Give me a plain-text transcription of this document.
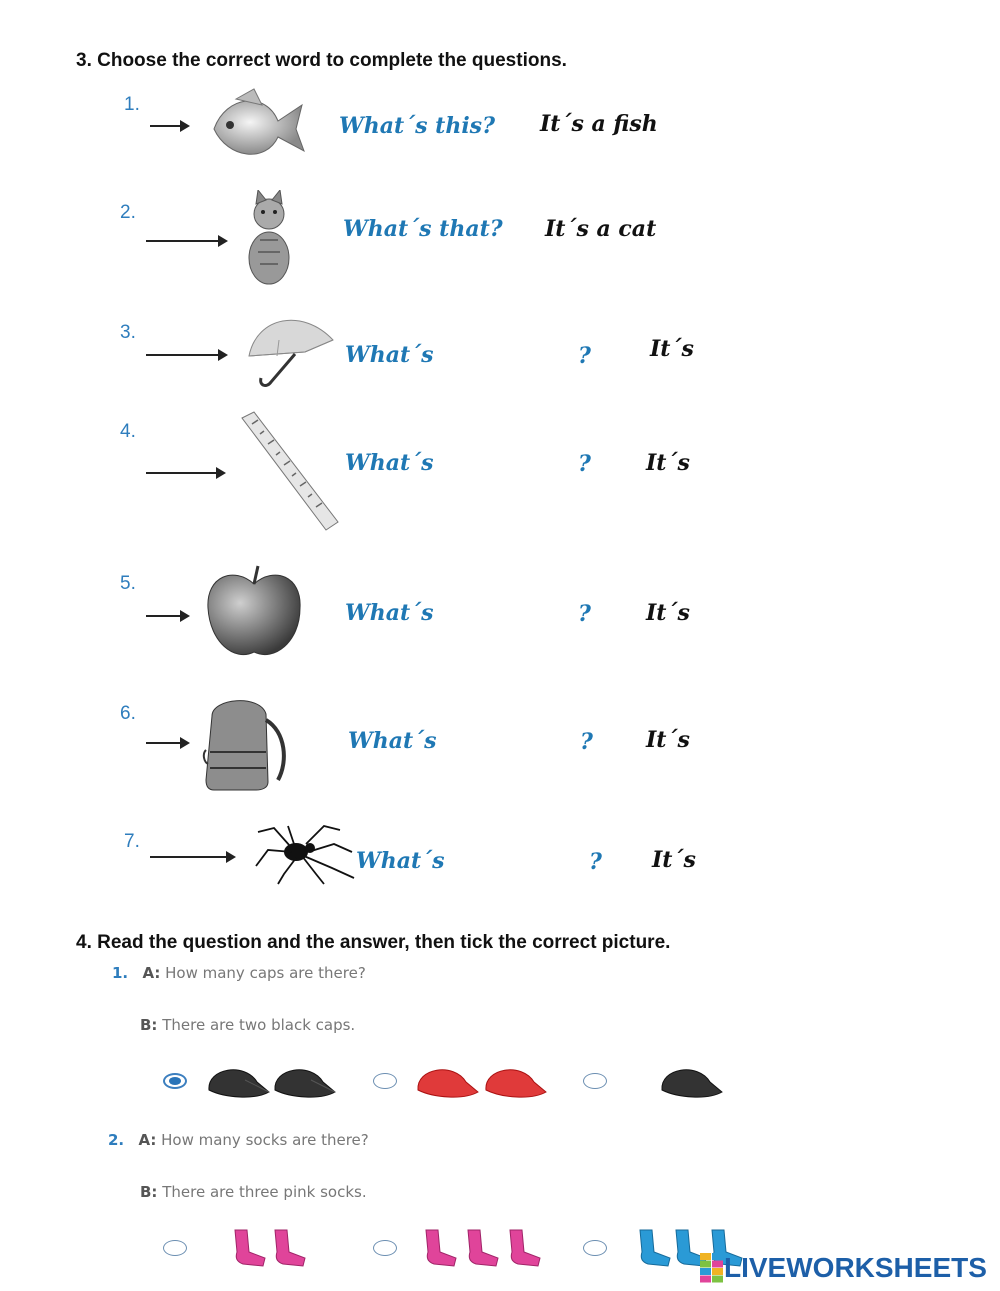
3. Choose the correct word to complete the questions.
1.
What´s this? It´s a fish
2.
What´s that? It´s a cat
3.
What´s	?	It´s
4.
What´s	?	It´s
5.
What´s	?	It´s
6.
What´s	? It´s
7.
What´s	? It´s
4. Read the question and the answer, then tick the correct picture.
1. A: How many caps are there?
B: There are two black caps.
2. A: How many socks are there?
B: There are three pink socks.
LIVEWORKSHEETS
